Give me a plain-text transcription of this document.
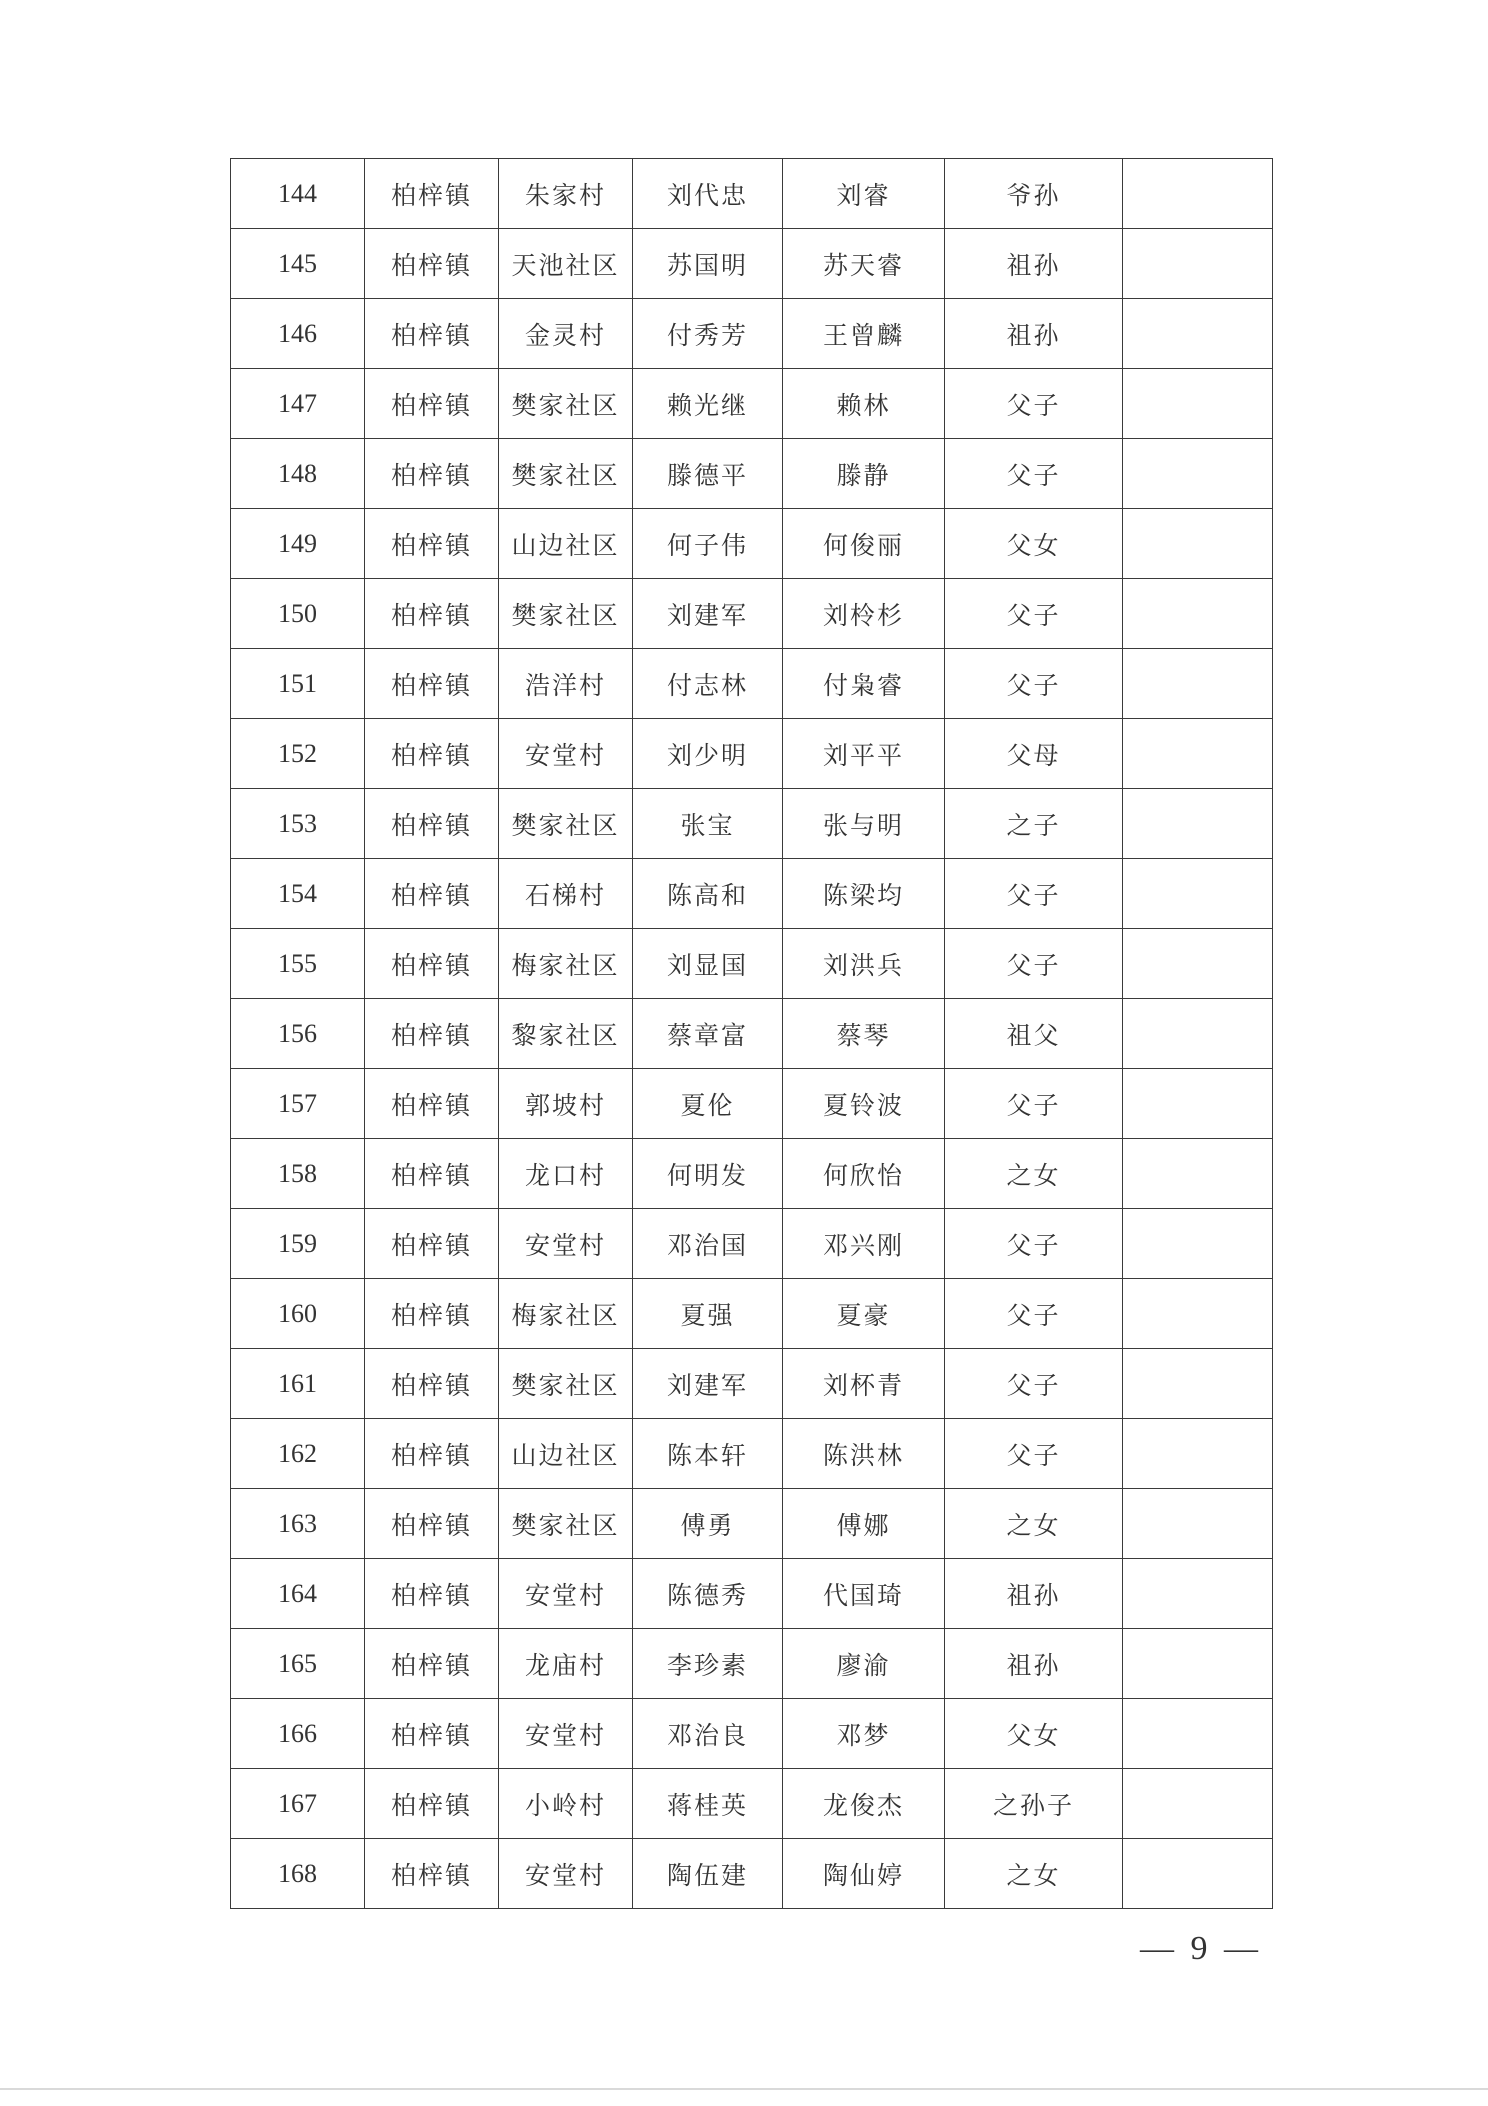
144	柏梓镇	朱家村	刘代忠	刘睿	爷孙	
145	柏梓镇	天池社区	苏国明	苏天睿	祖孙	
146	柏梓镇	金灵村	付秀芳	王曾麟	祖孙	
147	柏梓镇	樊家社区	赖光继	赖林	父子	
148	柏梓镇	樊家社区	滕德平	滕静	父子	
149	柏梓镇	山边社区	何子伟	何俊丽	父女	
150	柏梓镇	樊家社区	刘建军	刘柃杉	父子	
151	柏梓镇	浩洋村	付志林	付枭睿	父子	
152	柏梓镇	安堂村	刘少明	刘平平	父母	
153	柏梓镇	樊家社区	张宝	张与明	之子	
154	柏梓镇	石梯村	陈高和	陈梁均	父子	
155	柏梓镇	梅家社区	刘显国	刘洪兵	父子	
156	柏梓镇	黎家社区	蔡章富	蔡琴	祖父	
157	柏梓镇	郭坡村	夏伦	夏铃波	父子	
158	柏梓镇	龙口村	何明发	何欣怡	之女	
159	柏梓镇	安堂村	邓治国	邓兴刚	父子	
160	柏梓镇	梅家社区	夏强	夏豪	父子	
161	柏梓镇	樊家社区	刘建军	刘杯青	父子	
162	柏梓镇	山边社区	陈本轩	陈洪林	父子	
163	柏梓镇	樊家社区	傅勇	傅娜	之女	
164	柏梓镇	安堂村	陈德秀	代国琦	祖孙	
165	柏梓镇	龙庙村	李珍素	廖渝	祖孙	
166	柏梓镇	安堂村	邓治良	邓梦	父女	
167	柏梓镇	小岭村	蒋桂英	龙俊杰	之孙子	
168	柏梓镇	安堂村	陶伍建	陶仙婷	之女	
— 9 —
